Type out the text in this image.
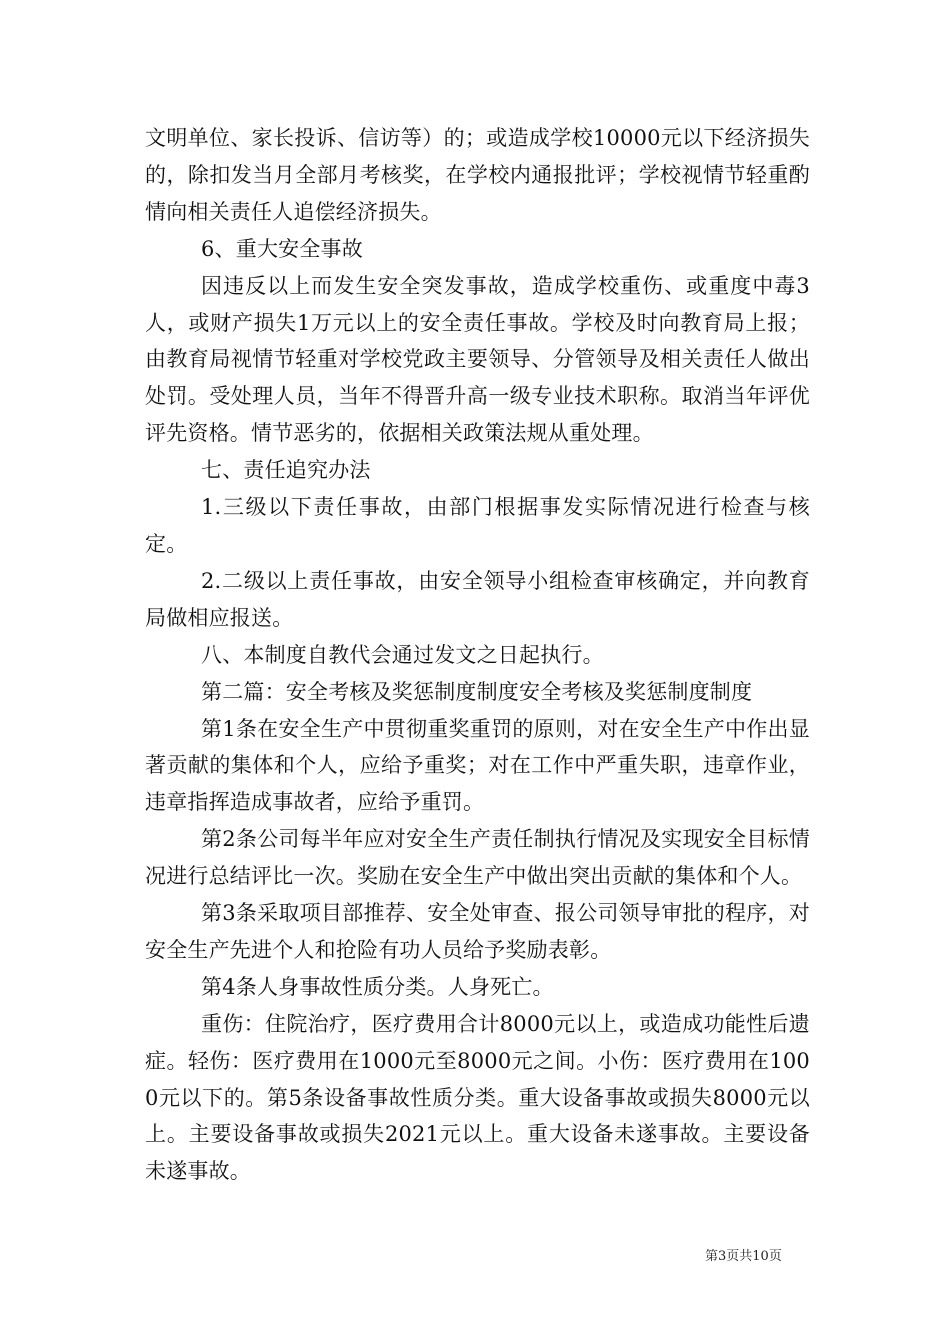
文明单位、家长投诉、信访等）的；或造成学校10000元以下经济损失的，除扣发当月全部月考核奖，在学校内通报批评；学校视情节轻重酌情向相关责任人追偿经济损失。

6、重大安全事故

因违反以上而发生安全突发事故，造成学校重伤、或重度中毒3人，或财产损失1万元以上的安全责任事故。学校及时向教育局上报；由教育局视情节轻重对学校党政主要领导、分管领导及相关责任人做出处罚。受处理人员，当年不得晋升高一级专业技术职称。取消当年评优评先资格。情节恶劣的，依据相关政策法规从重处理。

七、责任追究办法

1.三级以下责任事故，由部门根据事发实际情况进行检查与核定。

2.二级以上责任事故，由安全领导小组检查审核确定，并向教育局做相应报送。

八、本制度自教代会通过发文之日起执行。

第二篇：安全考核及奖惩制度制度安全考核及奖惩制度制度

第1条在安全生产中贯彻重奖重罚的原则，对在安全生产中作出显著贡献的集体和个人，应给予重奖；对在工作中严重失职，违章作业，违章指挥造成事故者，应给予重罚。

第2条公司每半年应对安全生产责任制执行情况及实现安全目标情况进行总结评比一次。奖励在安全生产中做出突出贡献的集体和个人。

第3条采取项目部推荐、安全处审查、报公司领导审批的程序，对安全生产先进个人和抢险有功人员给予奖励表彰。

第4条人身事故性质分类。人身死亡。

重伤：住院治疗，医疗费用合计8000元以上，或造成功能性后遗症。轻伤：医疗费用在1000元至8000元之间。小伤：医疗费用在1000元以下的。第5条设备事故性质分类。重大设备事故或损失8000元以上。主要设备事故或损失2021元以上。重大设备未遂事故。主要设备未遂事故。

第3页共10页
